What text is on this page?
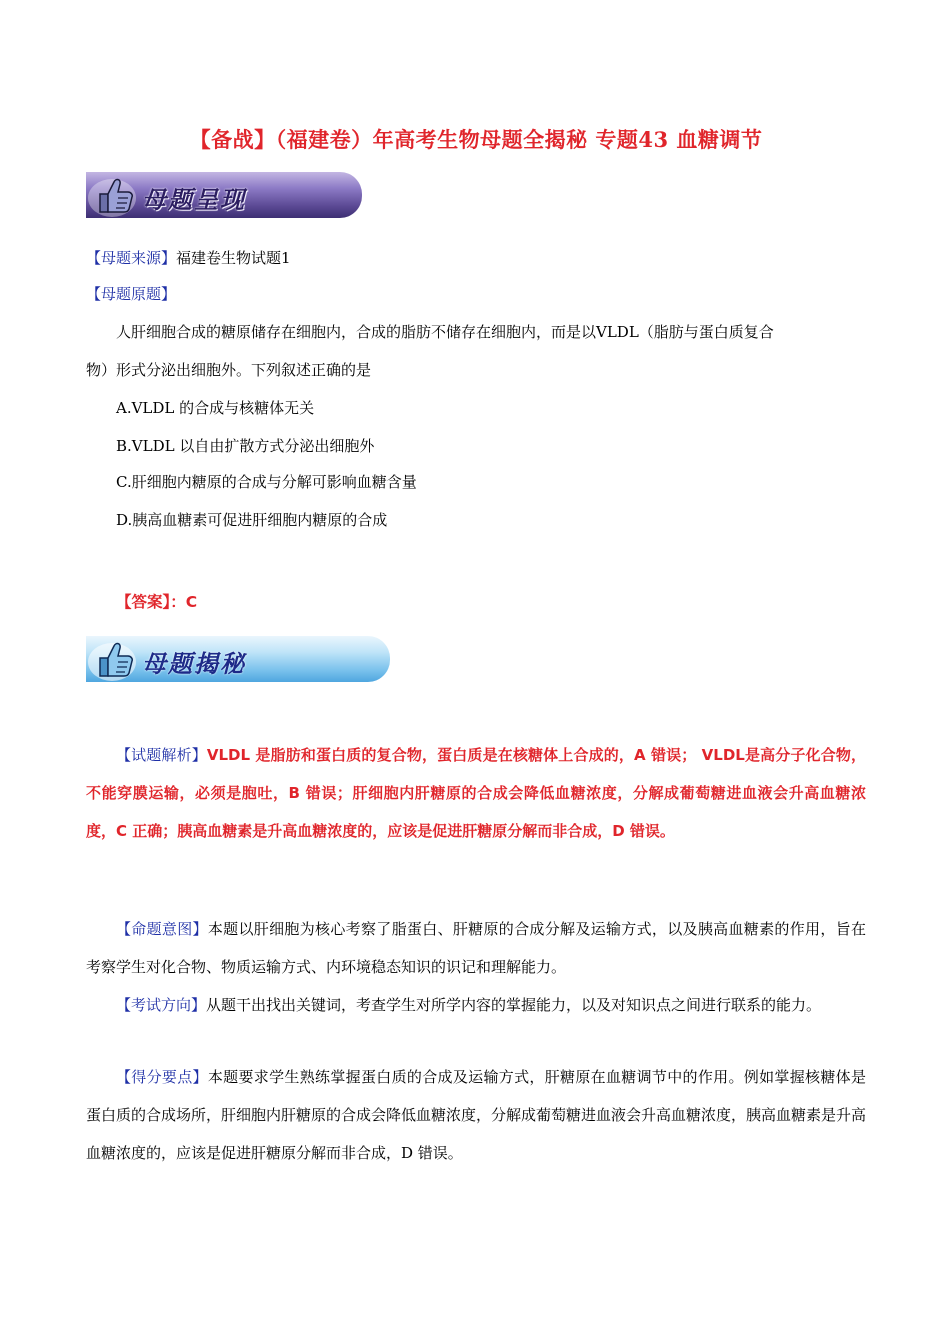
【备战】（福建卷）年高考生物母题全揭秘 专题43 血糖调节
母题呈现
【母题来源】福建卷生物试题1
【母题原题】
人肝细胞合成的糖原储存在细胞内，合成的脂肪不储存在细胞内，而是以VLDL（脂肪与蛋白质复合
物）形式分泌出细胞外。下列叙述正确的是
A.VLDL 的合成与核糖体无关
B.VLDL 以自由扩散方式分泌出细胞外
C.肝细胞内糖原的合成与分解可影响血糖含量
D.胰高血糖素可促进肝细胞内糖原的合成
【答案】：C
母题揭秘
【试题解析】VLDL 是脂肪和蛋白质的复合物，蛋白质是在核糖体上合成的，A 错误； VLDL是高分子化合物，不能穿膜运输，必须是胞吐，B 错误；肝细胞内肝糖原的合成会降低血糖浓度，分解成葡萄糖进血液会升高血糖浓度，C 正确；胰高血糖素是升高血糖浓度的，应该是促进肝糖原分解而非合成，D 错误。
【命题意图】本题以肝细胞为核心考察了脂蛋白、肝糖原的合成分解及运输方式，以及胰高血糖素的作用，旨在考察学生对化合物、物质运输方式、内环境稳态知识的识记和理解能力。
【考试方向】从题干出找出关键词，考查学生对所学内容的掌握能力，以及对知识点之间进行联系的能力。
【得分要点】本题要求学生熟练掌握蛋白质的合成及运输方式，肝糖原在血糖调节中的作用。例如掌握核糖体是蛋白质的合成场所，肝细胞内肝糖原的合成会降低血糖浓度，分解成葡萄糖进血液会升高血糖浓度，胰高血糖素是升高血糖浓度的，应该是促进肝糖原分解而非合成，D 错误。
